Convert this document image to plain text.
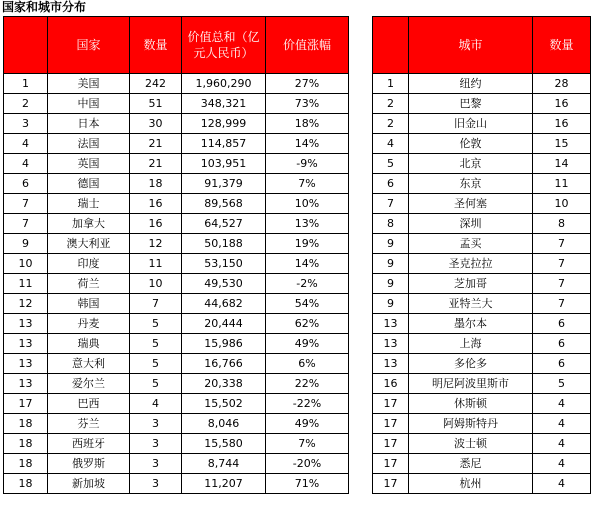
国家和城市分布
	国家	数量	价值总和（亿元人民币）	价值涨幅
1	美国	242	1,960,290	27%
2	中国	51	348,321	73%
3	日本	30	128,999	18%
4	法国	21	114,857	14%
4	英国	21	103,951	-9%
6	德国	18	91,379	7%
7	瑞士	16	89,568	10%
7	加拿大	16	64,527	13%
9	澳大利亚	12	50,188	19%
10	印度	11	53,150	14%
11	荷兰	10	49,530	-2%
12	韩国	7	44,682	54%
13	丹麦	5	20,444	62%
13	瑞典	5	15,986	49%
13	意大利	5	16,766	6%
13	爱尔兰	5	20,338	22%
17	巴西	4	15,502	-22%
18	芬兰	3	8,046	49%
18	西班牙	3	15,580	7%
18	俄罗斯	3	8,744	-20%
18	新加坡	3	11,207	71%
	城市	数量
1	纽约	28
2	巴黎	16
2	旧金山	16
4	伦敦	15
5	北京	14
6	东京	11
7	圣何塞	10
8	深圳	8
9	孟买	7
9	圣克拉拉	7
9	芝加哥	7
9	亚特兰大	7
13	墨尔本	6
13	上海	6
13	多伦多	6
16	明尼阿波里斯市	5
17	休斯顿	4
17	阿姆斯特丹	4
17	波士顿	4
17	悉尼	4
17	杭州	4
